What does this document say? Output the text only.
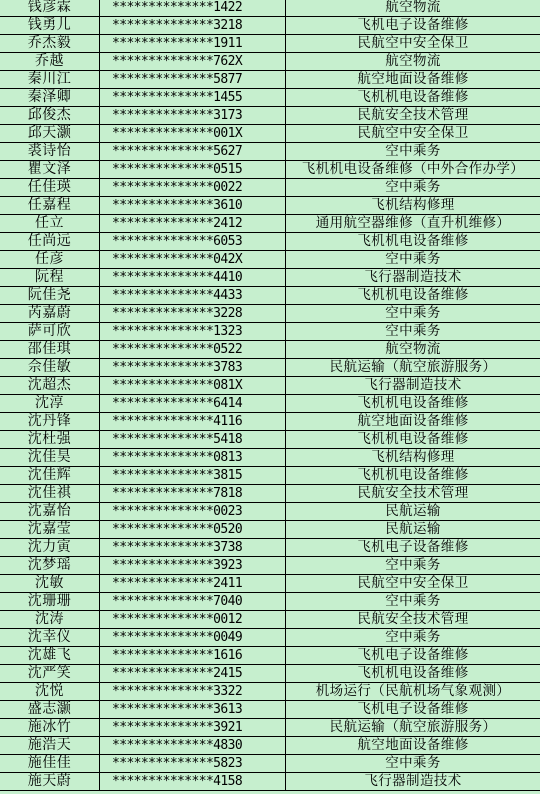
钱彦霖	**************1422	航空物流
钱勇儿	**************3218	飞机电子设备维修
乔杰毅	**************1911	民航空中安全保卫
乔越	**************762X	航空物流
秦川江	**************5877	航空地面设备维修
秦泽卿	**************1455	飞机机电设备维修
邱俊杰	**************3173	民航安全技术管理
邱天灏	**************001X	民航空中安全保卫
裘诗怡	**************5627	空中乘务
瞿文泽	**************0515	飞机机电设备维修（中外合作办学）
任佳瑛	**************0022	空中乘务
任嘉程	**************3610	飞机结构修理
任立	**************2412	通用航空器维修（直升机维修）
任尚远	**************6053	飞机机电设备维修
任彦	**************042X	空中乘务
阮程	**************4410	飞行器制造技术
阮佳尧	**************4433	飞机机电设备维修
芮嘉蔚	**************3228	空中乘务
萨可欣	**************1323	空中乘务
邵佳琪	**************0522	航空物流
佘佳敏	**************3783	民航运输（航空旅游服务）
沈超杰	**************081X	飞行器制造技术
沈淳	**************6414	飞机机电设备维修
沈丹锋	**************4116	航空地面设备维修
沈杜强	**************5418	飞机机电设备维修
沈佳昊	**************0813	飞机结构修理
沈佳辉	**************3815	飞机机电设备维修
沈佳祺	**************7818	民航安全技术管理
沈嘉怡	**************0023	民航运输
沈嘉莹	**************0520	民航运输
沈力寅	**************3738	飞机电子设备维修
沈梦瑶	**************3923	空中乘务
沈敏	**************2411	民航空中安全保卫
沈珊珊	**************7040	空中乘务
沈涛	**************0012	民航安全技术管理
沈幸仪	**************0049	空中乘务
沈雄飞	**************1616	飞机电子设备维修
沈严笑	**************2415	飞机机电设备维修
沈悦	**************3322	机场运行（民航机场气象观测）
盛志灏	**************3613	飞机电子设备维修
施冰竹	**************3921	民航运输（航空旅游服务）
施浩天	**************4830	航空地面设备维修
施佳佳	**************5823	空中乘务
施天蔚	**************4158	飞行器制造技术
